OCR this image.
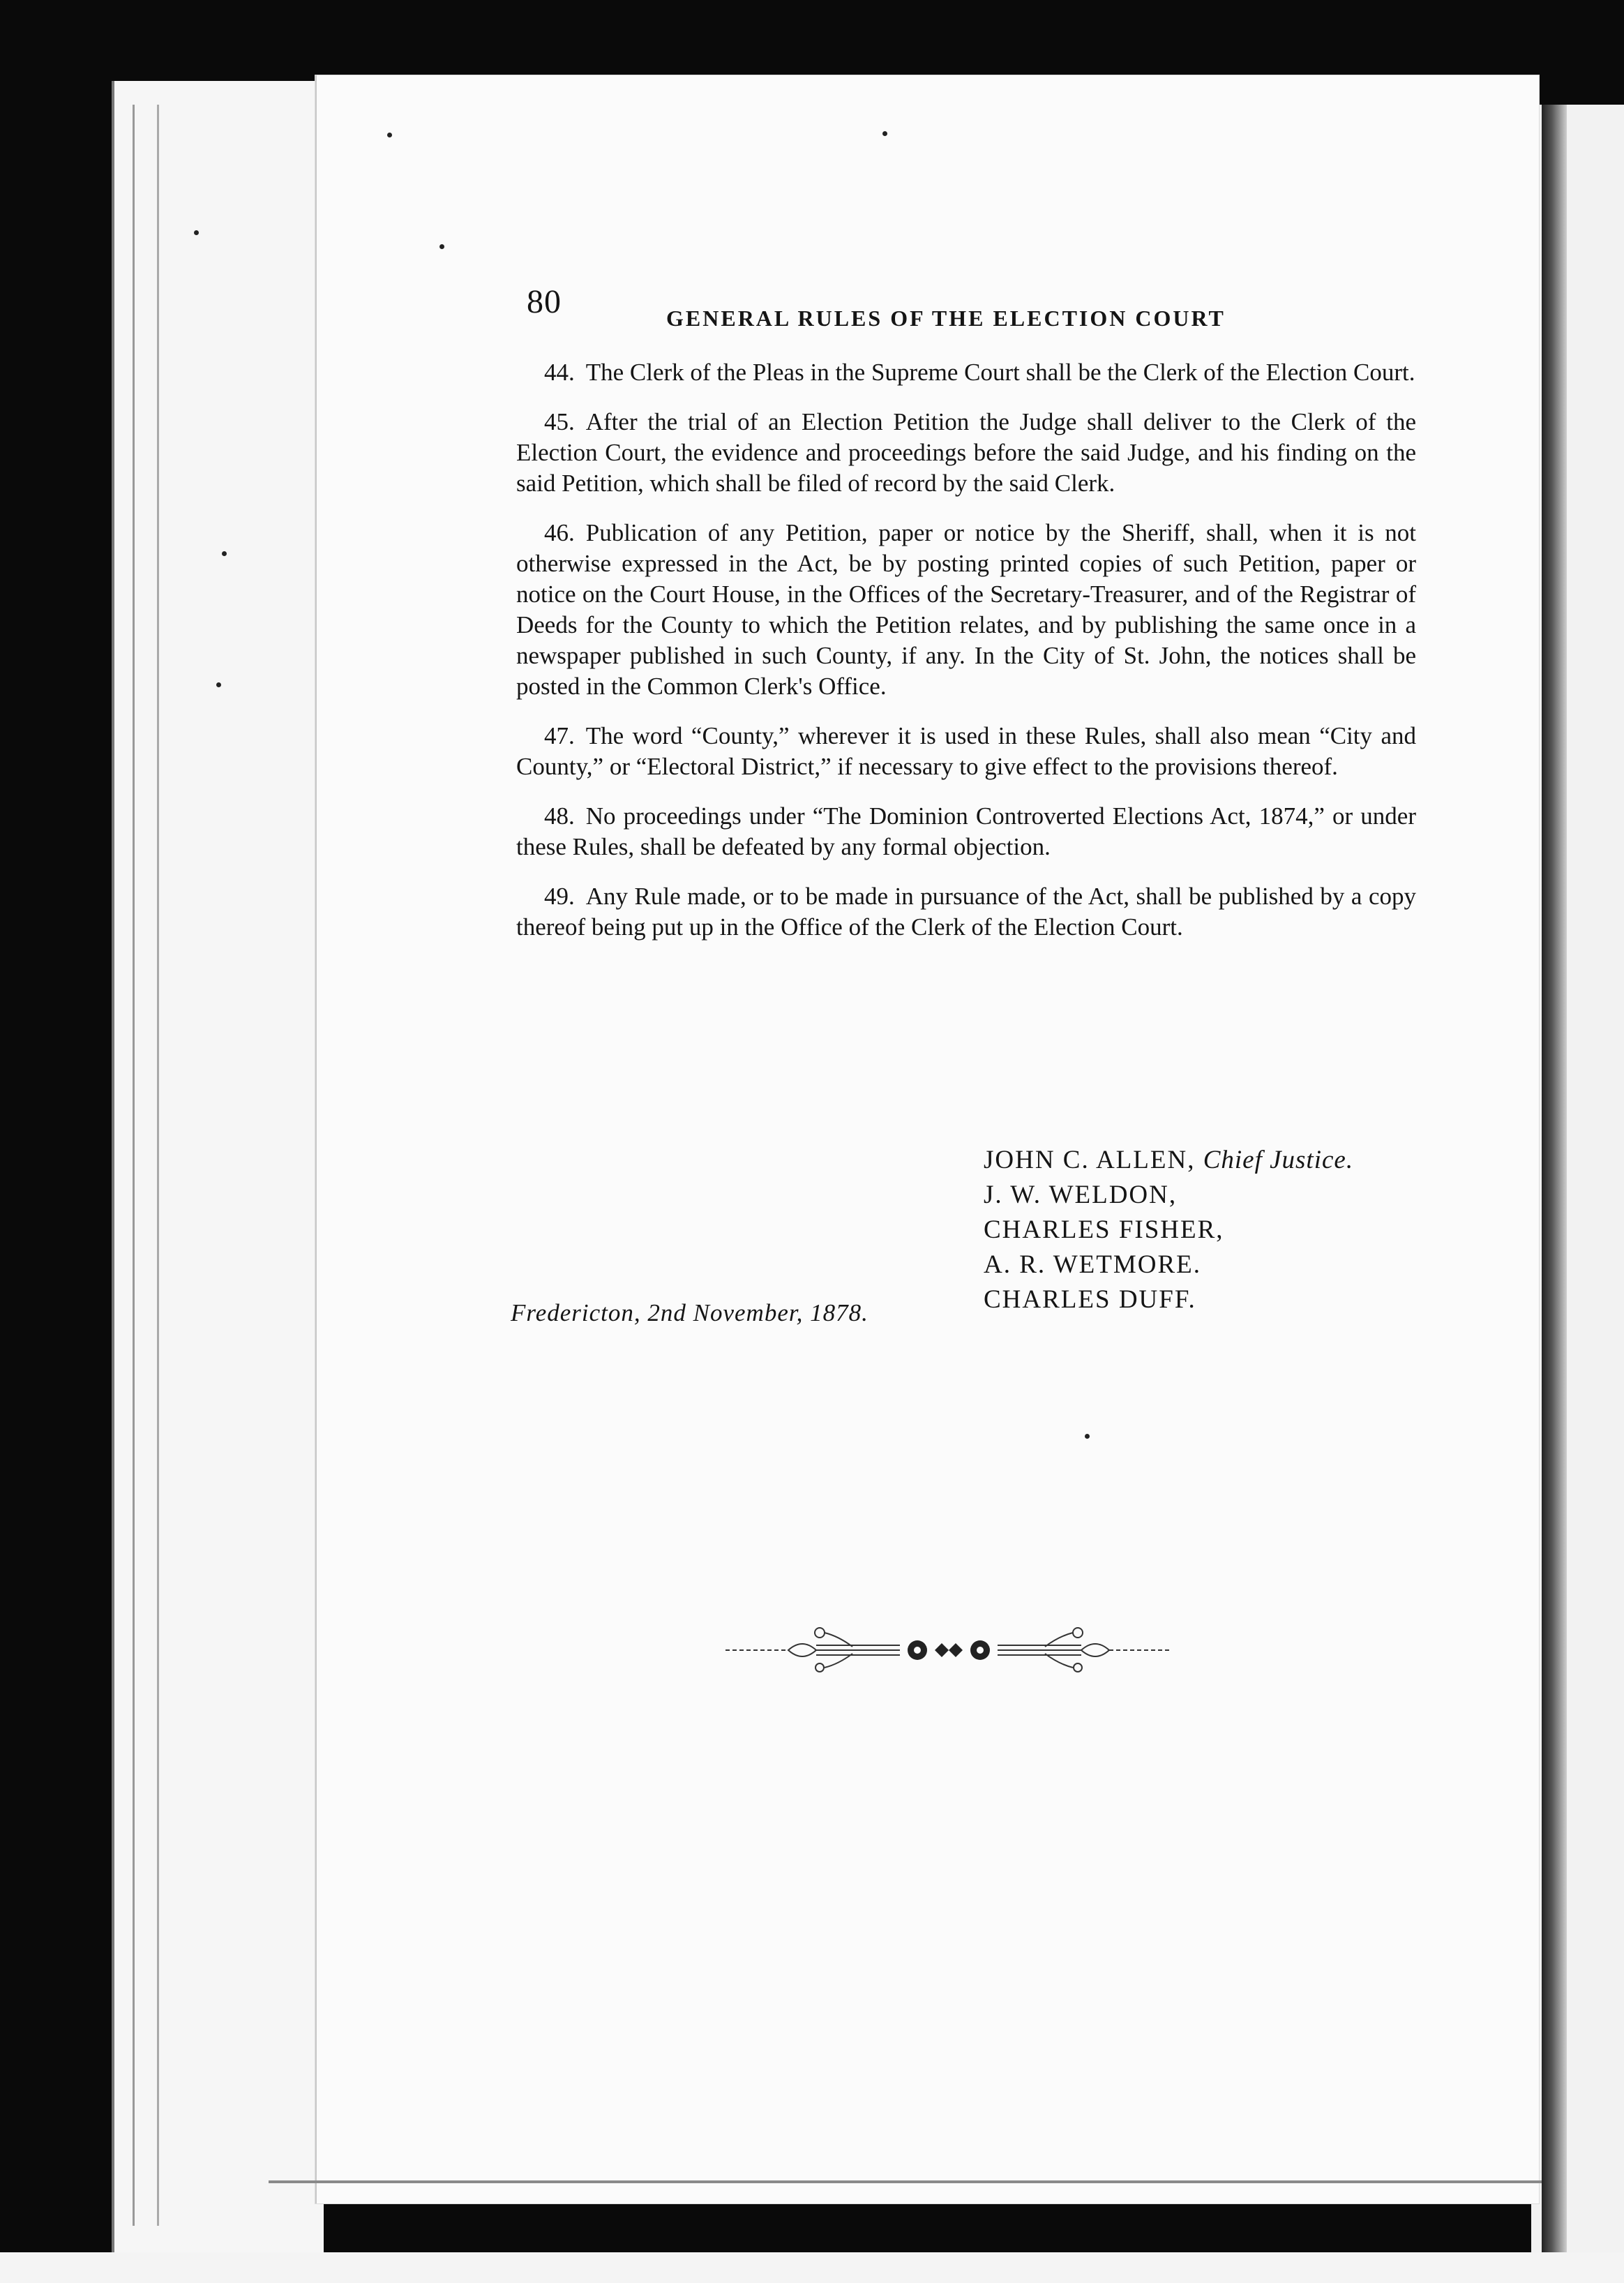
80	GENERAL RULES OF THE ELECTION COURT

44. The Clerk of the Pleas in the Supreme Court shall be the Clerk of the Election Court.

45. After the trial of an Election Petition the Judge shall deliver to the Clerk of the Election Court, the evidence and proceedings before the said Judge, and his finding on the said Petition, which shall be filed of record by the said Clerk.

46. Publication of any Petition, paper or notice by the Sheriff, shall, when it is not otherwise expressed in the Act, be by posting printed copies of such Petition, paper or notice on the Court House, in the Offices of the Secretary-Treasurer, and of the Registrar of Deeds for the County to which the Petition relates, and by publishing the same once in a newspaper published in such County, if any. In the City of St. John, the notices shall be posted in the Common Clerk's Office.

47. The word “County,” wherever it is used in these Rules, shall also mean “City and County,” or “Electoral District,” if necessary to give effect to the provisions thereof.

48. No proceedings under “The Dominion Controverted Elections Act, 1874,” or under these Rules, shall be defeated by any formal objection.

49. Any Rule made, or to be made in pursuance of the Act, shall be published by a copy thereof being put up in the Office of the Clerk of the Election Court.

JOHN C. ALLEN, Chief Justice.
J. W. WELDON,
CHARLES FISHER,
A. R. WETMORE.
CHARLES DUFF.
Fredericton, 2nd November, 1878.
